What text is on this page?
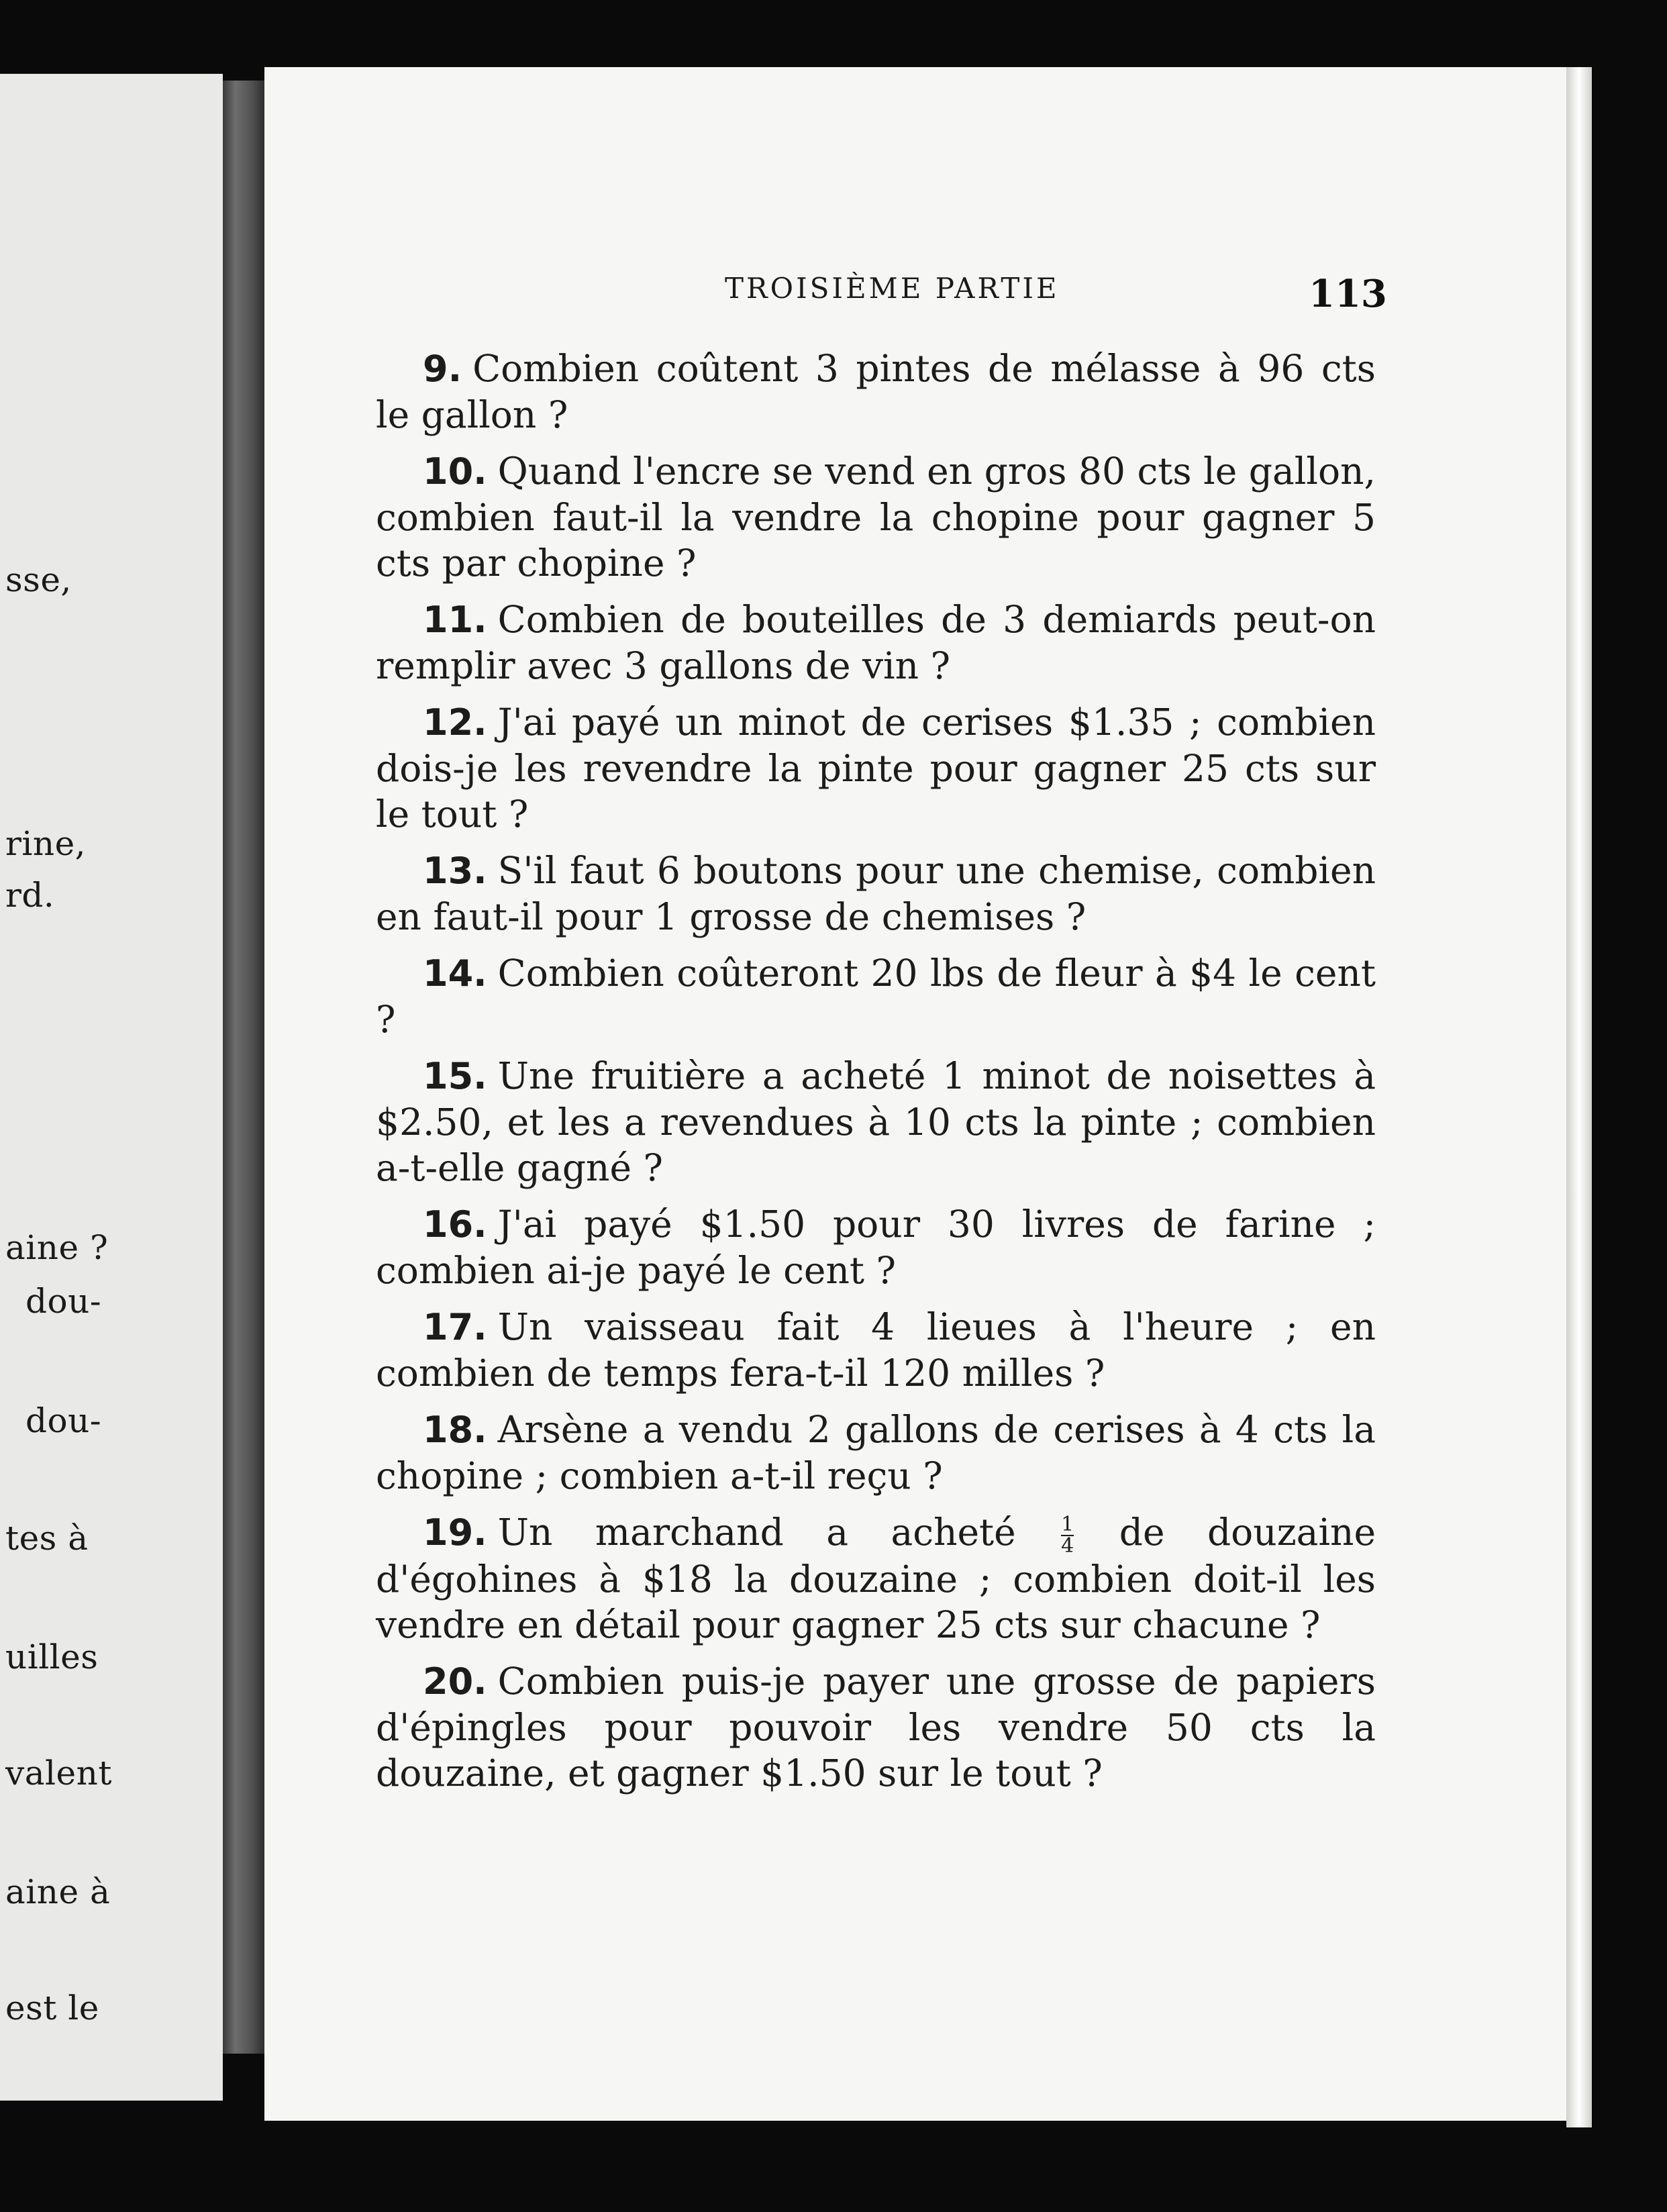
sse,
rine,
rd.
aine ?
dou-
dou-
tes à
uilles
valent
aine à
est le
TROISIÈME PARTIE	113

9. Combien coûtent 3 pintes de mélasse à 96 cts le gallon ?

10. Quand l'encre se vend en gros 80 cts le gallon, combien faut-il la vendre la chopine pour gagner 5 cts par chopine ?

11. Combien de bouteilles de 3 demiards peut-on remplir avec 3 gallons de vin ?

12. J'ai payé un minot de cerises $1.35 ; combien dois-je les revendre la pinte pour gagner 25 cts sur le tout ?

13. S'il faut 6 boutons pour une chemise, combien en faut-il pour 1 grosse de chemises ?

14. Combien coûteront 20 lbs de fleur à $4 le cent ?

15. Une fruitière a acheté 1 minot de noisettes à $2.50, et les a revendues à 10 cts la pinte ; combien a-t-elle gagné ?

16. J'ai payé $1.50 pour 30 livres de farine ; combien ai-je payé le cent ?

17. Un vaisseau fait 4 lieues à l'heure ; en combien de temps fera-t-il 120 milles ?

18. Arsène a vendu 2 gallons de cerises à 4 cts la chopine ; combien a-t-il reçu ?

19. Un marchand a acheté $\frac{1}{4}$ de douzaine d'égohines à $18 la douzaine ; combien doit-il les vendre en détail pour gagner 25 cts sur chacune ?

20. Combien puis-je payer une grosse de papiers d'épingles pour pouvoir les vendre 50 cts la douzaine, et gagner $1.50 sur le tout ?
